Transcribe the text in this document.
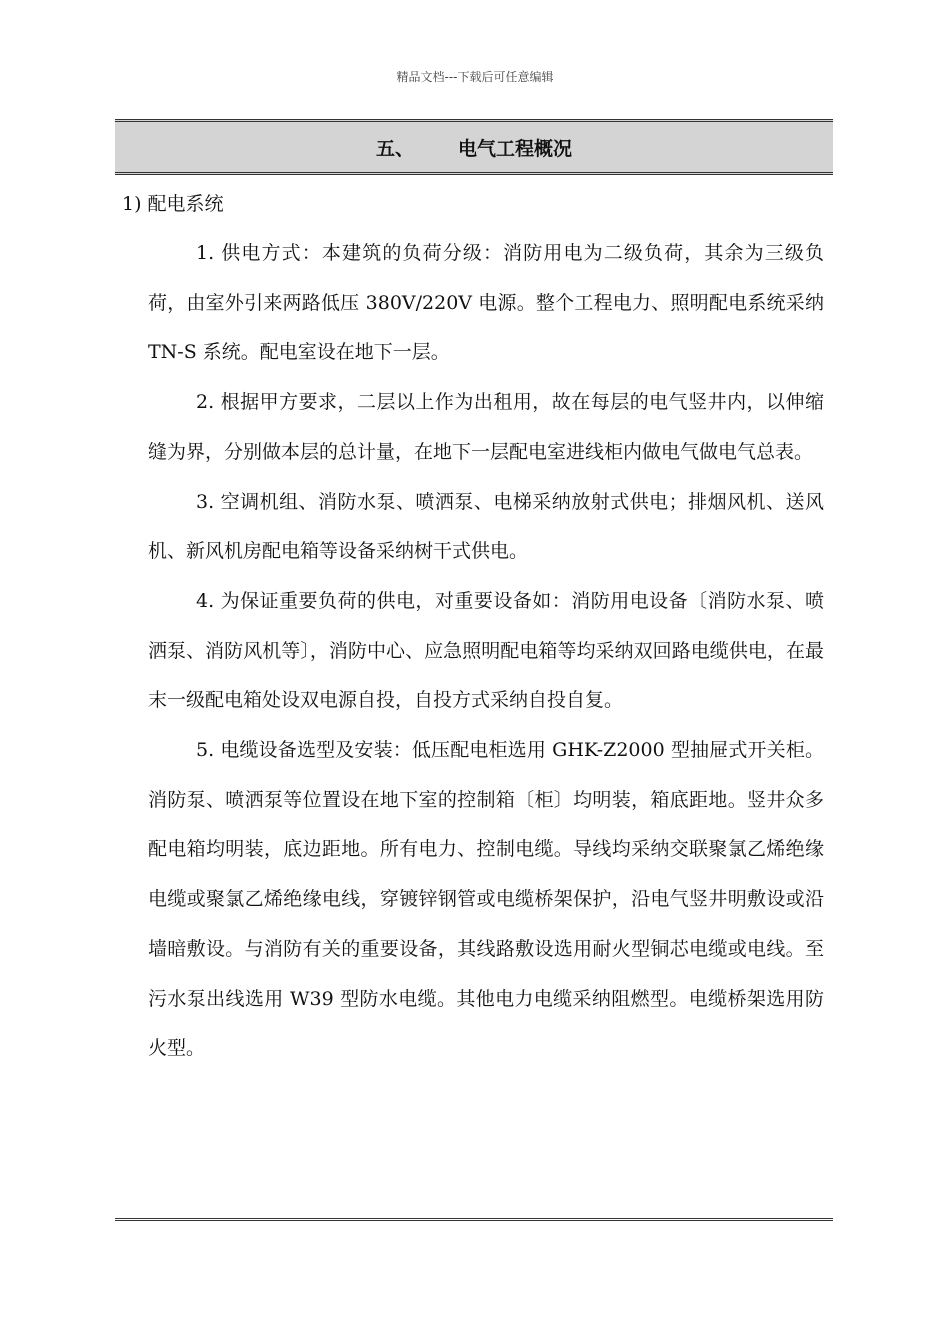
精品文档---下载后可任意编辑
五、 电气工程概况
1) 配电系统

1. 供电方式：本建筑的负荷分级：消防用电为二级负荷，其余为三级负荷，由室外引来两路低压 380V/220V 电源。整个工程电力、照明配电系统采纳 TN-S 系统。配电室设在地下一层。

2. 根据甲方要求，二层以上作为出租用，故在每层的电气竖井内，以伸缩缝为界，分别做本层的总计量，在地下一层配电室进线柜内做电气做电气总表。

3. 空调机组、消防水泵、喷洒泵、电梯采纳放射式供电；排烟风机、送风机、新风机房配电箱等设备采纳树干式供电。

4. 为保证重要负荷的供电，对重要设备如：消防用电设备〔消防水泵、喷洒泵、消防风机等〕，消防中心、应急照明配电箱等均采纳双回路电缆供电，在最末一级配电箱处设双电源自投，自投方式采纳自投自复。

5. 电缆设备选型及安装：低压配电柜选用 GHK-Z2000 型抽屉式开关柜。消防泵、喷洒泵等位置设在地下室的控制箱〔柜〕均明装，箱底距地。竖井众多配电箱均明装，底边距地。所有电力、控制电缆。导线均采纳交联聚氯乙烯绝缘电缆或聚氯乙烯绝缘电线，穿镀锌钢管或电缆桥架保护，沿电气竖井明敷设或沿墙暗敷设。与消防有关的重要设备，其线路敷设选用耐火型铜芯电缆或电线。至污水泵出线选用 W39 型防水电缆。其他电力电缆采纳阻燃型。电缆桥架选用防火型。
